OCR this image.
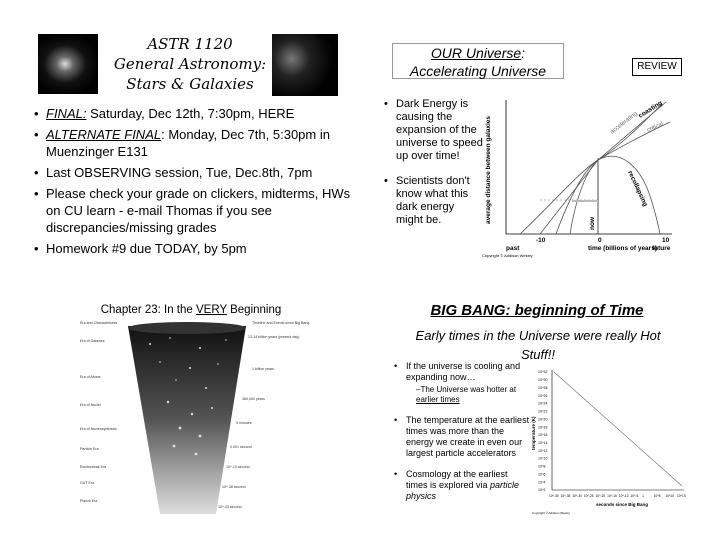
ASTR 1120
General Astronomy:
Stars & Galaxies
• FINAL: Saturday, Dec 12th, 7:30pm, HERE
• ALTERNATE FINAL: Monday, Dec 7th, 5:30pm in Muenzinger E131
• Last OBSERVING session, Tue, Dec.8th, 7pm
• Please check your grade on clickers, midterms, HWs on CU learn - e-mail Thomas if you see discrepancies/missing grades
• Homework #9 due TODAY, by 5pm
OUR Universe:
Accelerating Universe	REVIEW
• Dark Energy is causing the expansion of the universe to speed up over time!
• Scientists don't know what this dark energy might be.	average distance between galaxies	accelerating
coasting
critical
recollapsing
now
-10	0	10
past	time (billions of years)
future
Copyright © Addison Wesley
Chapter 23: In the VERY Beginning
Era and Characteristics
Era of Galaxies
Era of Atoms
Era of Nuclei
Era of Nucleosynthesis
Particle Era
Electroweak Era
GUT Era
Planck Era
Timeline and Events since Big Bang
13-14 billion years (present day)
1 billion years
380,000 years
3 minutes
0.001 second
10^-10 second
10^-38 second
10^-43 second
BIG BANG: beginning of Time
Early times in the Universe were really Hot Stuff!!
• If the universe is cooling and expanding now…
– The Universe was hotter at earlier times
• The temperature at the earliest times was more than the energy we create in even our largest particle accelerators
• Cosmology at the earliest times is explored via particle physics
temperature (K)
10^32
10^30
10^28
10^26
10^24
10^22
10^20
10^18
10^16
10^14
10^12
10^10
10^8
10^6
10^4
10^2
10^-40 10^-35 10^-30 10^-25 10^-20 10^-15 10^-10 10^-5 1	10^5 10^10 10^15
seconds since Big Bang
Copyright © Addison Wesley
